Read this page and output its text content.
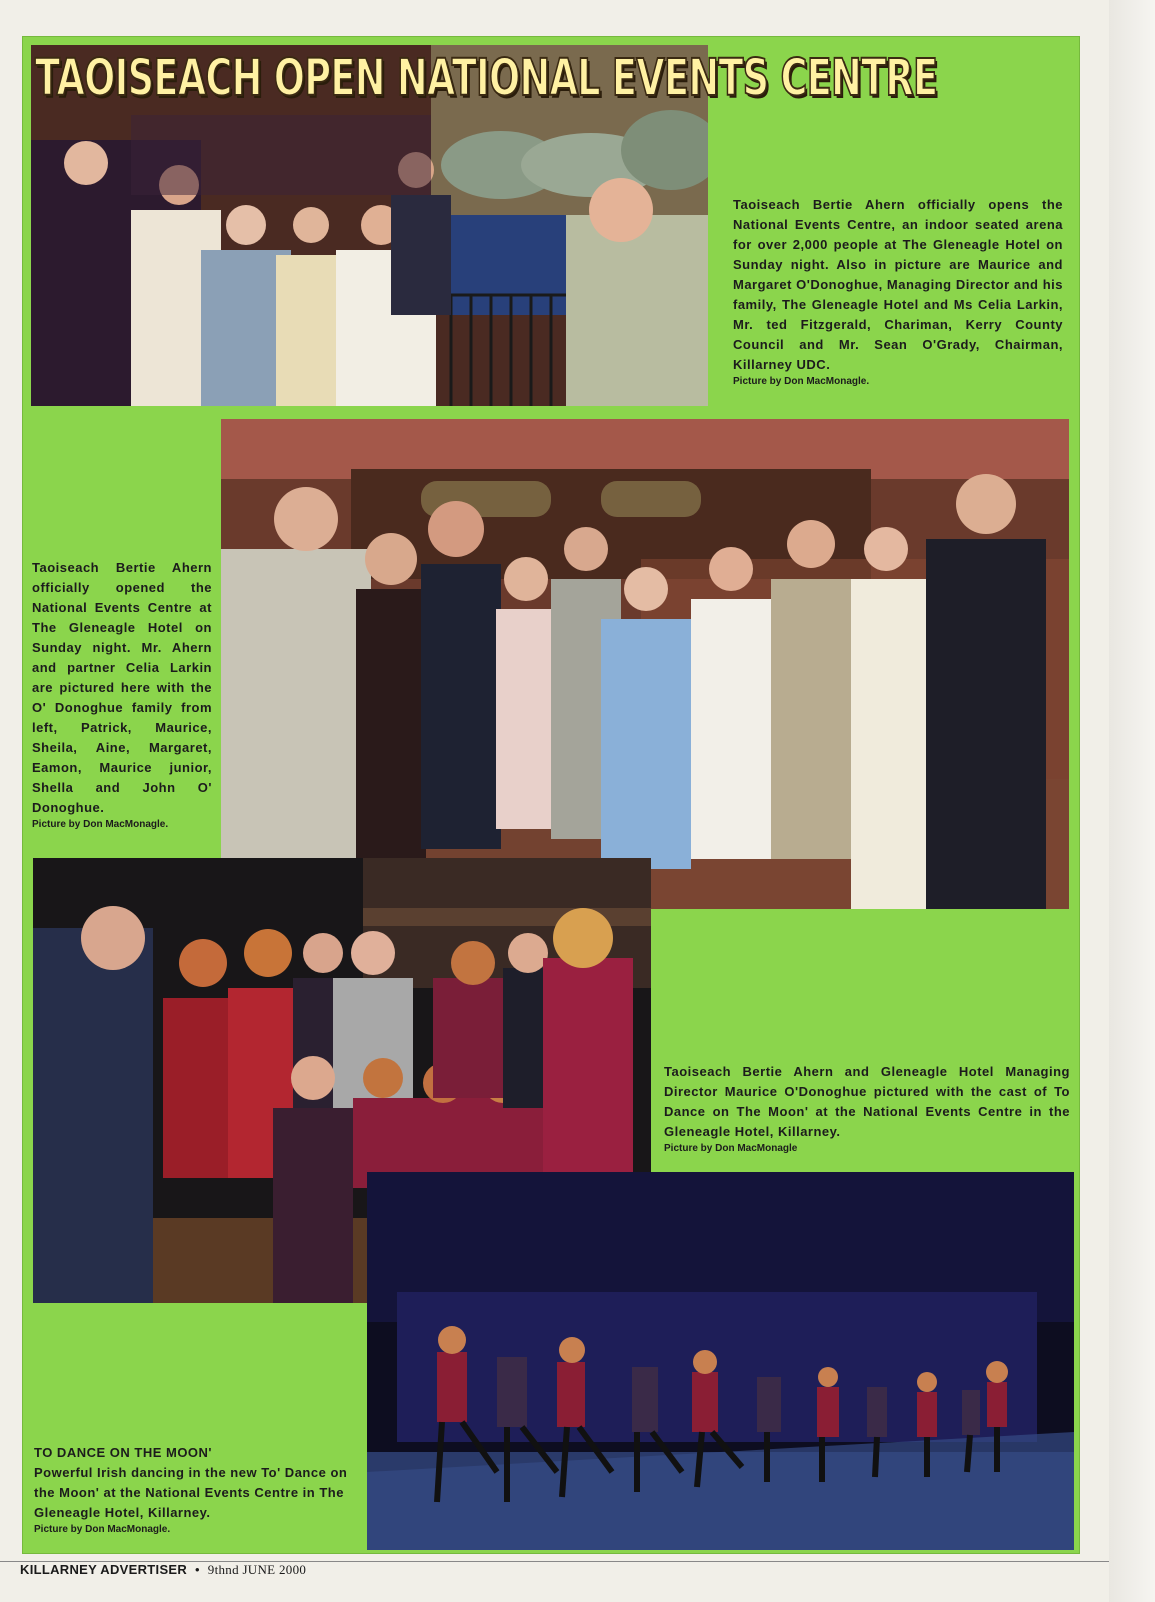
TAOISEACH OPEN NATIONAL EVENTS CENTRE
Taoiseach Bertie Ahern officially opens the National Events Centre, an indoor seated arena for over 2,000 people at The Gleneagle Hotel on Sunday night. Also in picture are Maurice and Margaret O'Donoghue, Managing Director and his family, The Gleneagle Hotel and Ms Celia Larkin, Mr. ted Fitzgerald, Chariman, Kerry County Council and Mr. Sean O'Grady, Chairman, Killarney UDC.
Picture by Don MacMonagle.
Taoiseach Bertie Ahern officially opened the National Events Centre at The Gleneagle Hotel on Sunday night. Mr. Ahern and partner Celia Larkin are pictured here with the O' Donoghue family from left, Patrick, Maurice, Sheila, Aine, Margaret, Eamon, Maurice junior, Shella and John O' Donoghue.
Picture by Don MacMonagle.
Taoiseach Bertie Ahern and Gleneagle Hotel Managing Director Maurice O'Donoghue pictured with the cast of To Dance on The Moon' at the National Events Centre in the Gleneagle Hotel, Killarney.
Picture by Don MacMonagle
TO DANCE ON THE MOON'
Powerful Irish dancing in the new To' Dance on the Moon' at the National Events Centre in The Gleneagle Hotel, Killarney.
Picture by Don MacMonagle.
KILLARNEY ADVERTISER • 9thnd JUNE 2000
